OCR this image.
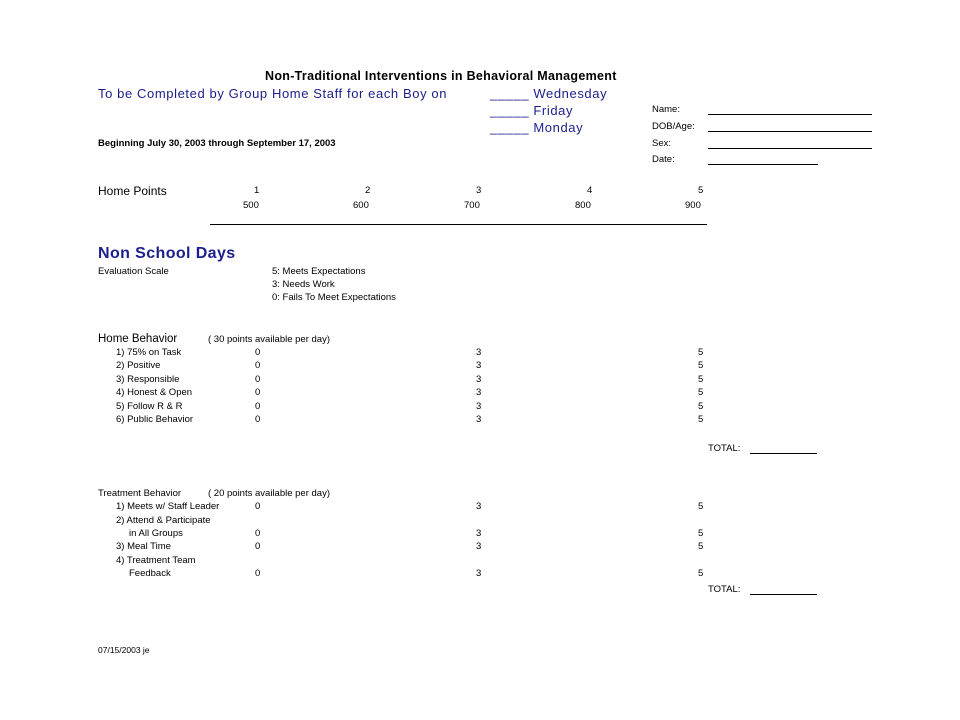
Non-Traditional Interventions in Behavioral Management
To be Completed by Group Home Staff for each Boy on	_____ Wednesday
_____ Friday
_____ Monday
Beginning July 30, 2003 through September 17, 2003
Name:
DOB/Age:
Sex:
Date:
Home Points	1	2	3	4	5
500	600	700	800	900
Non School Days
Evaluation Scale	5: Meets Expectations
3: Needs Work
0: Fails To Meet Expectations
Home Behavior	( 30 points available per day)
1) 75% on Task	0	3	5
2) Positive	0	3	5
3) Responsible	0	3	5
4) Honest & Open	0	3	5
5) Follow R & R	0	3	5
6) Public Behavior	0	3	5
TOTAL:
Treatment Behavior	( 20 points available per day)
1) Meets w/ Staff Leader	0	3	5
2) Attend & Participate
in All Groups	0	3	5
3) Meal Time	0	3	5
4) Treatment Team
Feedback	0	3	5
TOTAL:
07/15/2003 je
